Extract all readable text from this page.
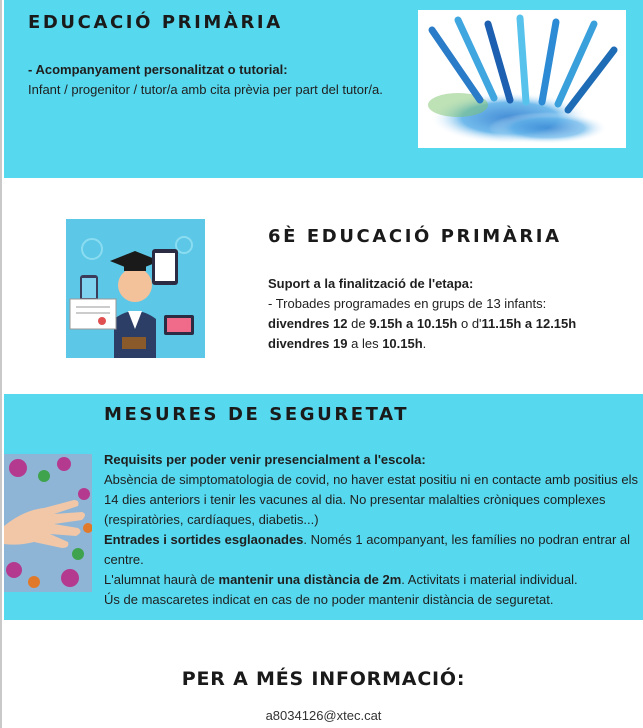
EDUCACIÓ PRIMÀRIA

- Acompanyament personalitzat o tutorial:

Infant / progenitor / tutor/a amb cita prèvia per part del tutor/a.

6È EDUCACIÓ PRIMÀRIA

Suport a la finalització de l'etapa:

- Trobades programades en grups de 13 infants:

divendres 12 de 9.15h a 10.15h o d'11.15h a 12.15h

divendres 19 a les 10.15h.

MESURES DE SEGURETAT

Requisits per poder venir presencialment a l'escola:

Absència de simptomatologia de covid, no haver estat positiu ni en contacte amb positius els 14 dies anteriors i tenir les vacunes al dia. No presentar malalties cròniques complexes (respiratòries, cardíaques, diabetis...)

Entrades i sortides esglaonades. Només 1 acompanyant, les famílies no podran entrar al centre.

L'alumnat haurà de mantenir una distància de 2m. Activitats i material individual.

Ús de mascaretes indicat en cas de no poder mantenir distància de seguretat.

PER A MÉS INFORMACIÓ:
a8034126@xtec.cat
